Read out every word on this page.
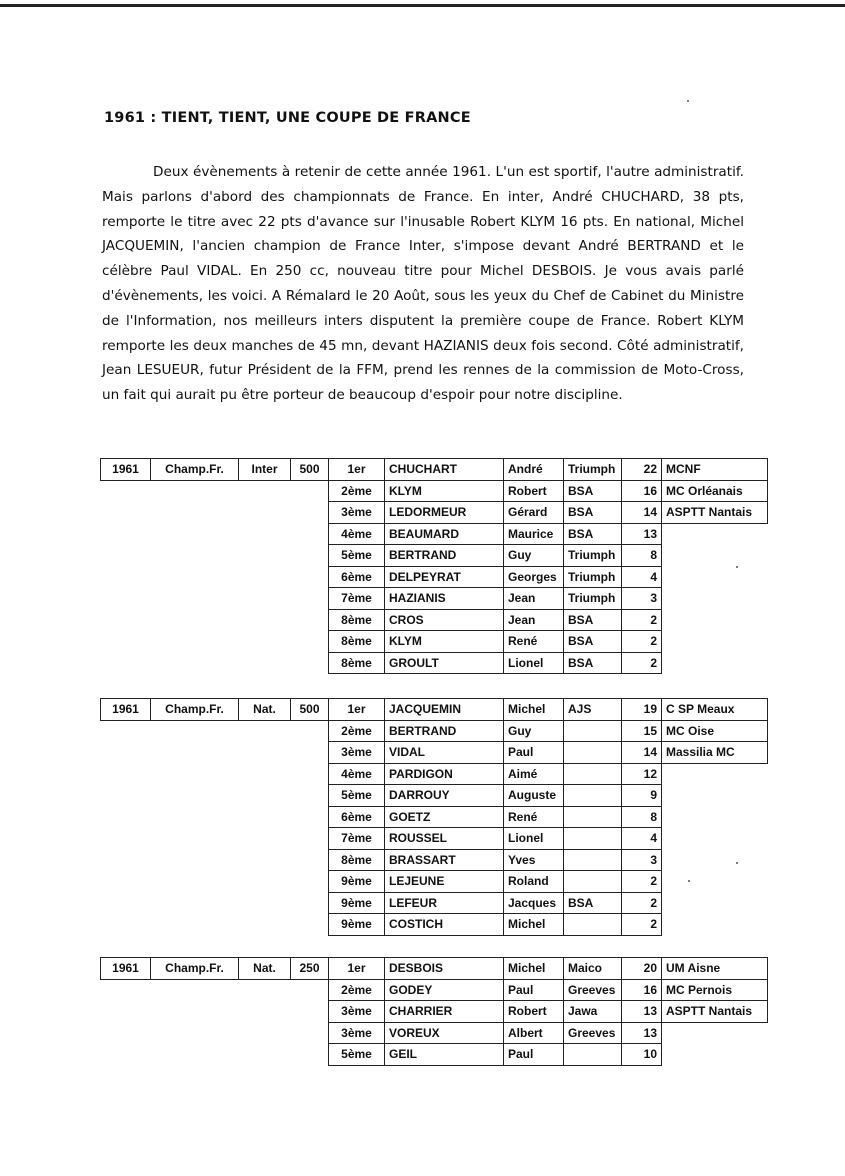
1961 : TIENT, TIENT, UNE COUPE DE FRANCE
Deux évènements à retenir de cette année 1961. L'un est sportif, l'autre administratif. Mais parlons d'abord des championnats de France. En inter, André CHUCHARD, 38 pts, remporte le titre avec 22 pts d'avance sur l'inusable Robert KLYM 16 pts. En national, Michel JACQUEMIN, l'ancien champion de France Inter, s'impose devant André BERTRAND et le célèbre Paul VIDAL. En 250 cc, nouveau titre pour Michel DESBOIS. Je vous avais parlé d'évènements, les voici. A Rémalard le 20 Août, sous les yeux du Chef de Cabinet du Ministre de l'Information, nos meilleurs inters disputent la première coupe de France. Robert KLYM remporte les deux manches de 45 mn, devant HAZIANIS deux fois second. Côté administratif, Jean LESUEUR, futur Président de la FFM, prend les rennes de la commission de Moto-Cross, un fait qui aurait pu être porteur de beaucoup d'espoir pour notre discipline.
1961	Champ.Fr.	Inter	500	1er	CHUCHART	André	Triumph	22	MCNF
				2ème	KLYM	Robert	BSA	16	MC Orléanais
				3ème	LEDORMEUR	Gérard	BSA	14	ASPTT Nantais
				4ème	BEAUMARD	Maurice	BSA	13	
				5ème	BERTRAND	Guy	Triumph	8	
				6ème	DELPEYRAT	Georges	Triumph	4	
				7ème	HAZIANIS	Jean	Triumph	3	
				8ème	CROS	Jean	BSA	2	
				8ème	KLYM	René	BSA	2	
				8ème	GROULT	Lionel	BSA	2	
1961	Champ.Fr.	Nat.	500	1er	JACQUEMIN	Michel	AJS	19	C SP Meaux
				2ème	BERTRAND	Guy		15	MC Oise
				3ème	VIDAL	Paul		14	Massilia MC
				4ème	PARDIGON	Aimé		12	
				5ème	DARROUY	Auguste		9	
				6ème	GOETZ	René		8	
				7ème	ROUSSEL	Lionel		4	
				8ème	BRASSART	Yves		3	
				9ème	LEJEUNE	Roland		2	
				9ème	LEFEUR	Jacques	BSA	2	
				9ème	COSTICH	Michel		2	
1961	Champ.Fr.	Nat.	250	1er	DESBOIS	Michel	Maico	20	UM Aisne
				2ème	GODEY	Paul	Greeves	16	MC Pernois
				3ème	CHARRIER	Robert	Jawa	13	ASPTT Nantais
				3ème	VOREUX	Albert	Greeves	13	
				5ème	GEIL	Paul		10	
